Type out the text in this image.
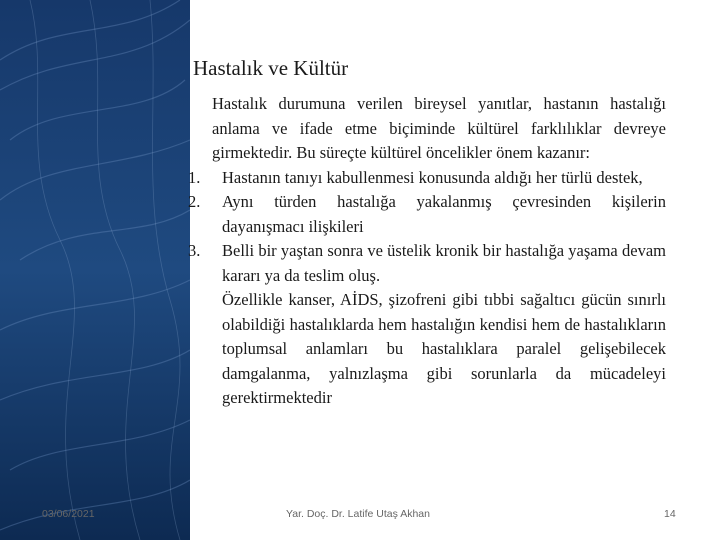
Hastalık ve Kültür
Hastalık durumuna verilen bireysel yanıtlar, hastanın hastalığı anlama ve ifade etme biçiminde kültürel farklılıklar devreye girmektedir. Bu süreçte kültürel öncelikler önem kazanır:
1.	Hastanın tanıyı kabullenmesi konusunda aldığı her türlü destek,
2.	Aynı türden hastalığa yakalanmış çevresinden kişilerin dayanışmacı ilişkileri
3.	Belli bir yaştan sonra ve üstelik kronik bir hastalığa yaşama devam kararı ya da teslim oluş.
Özellikle kanser, AİDS, şizofreni gibi tıbbi sağaltıcı gücün sınırlı olabildiği hastalıklarda hem hastalığın kendisi hem de hastalıkların toplumsal anlamları bu hastalıklara paralel gelişebilecek damgalanma, yalnızlaşma gibi sorunlarla da mücadeleyi gerektirmektedir
03/06/2021	Yar. Doç. Dr. Latife Utaş Akhan	14
